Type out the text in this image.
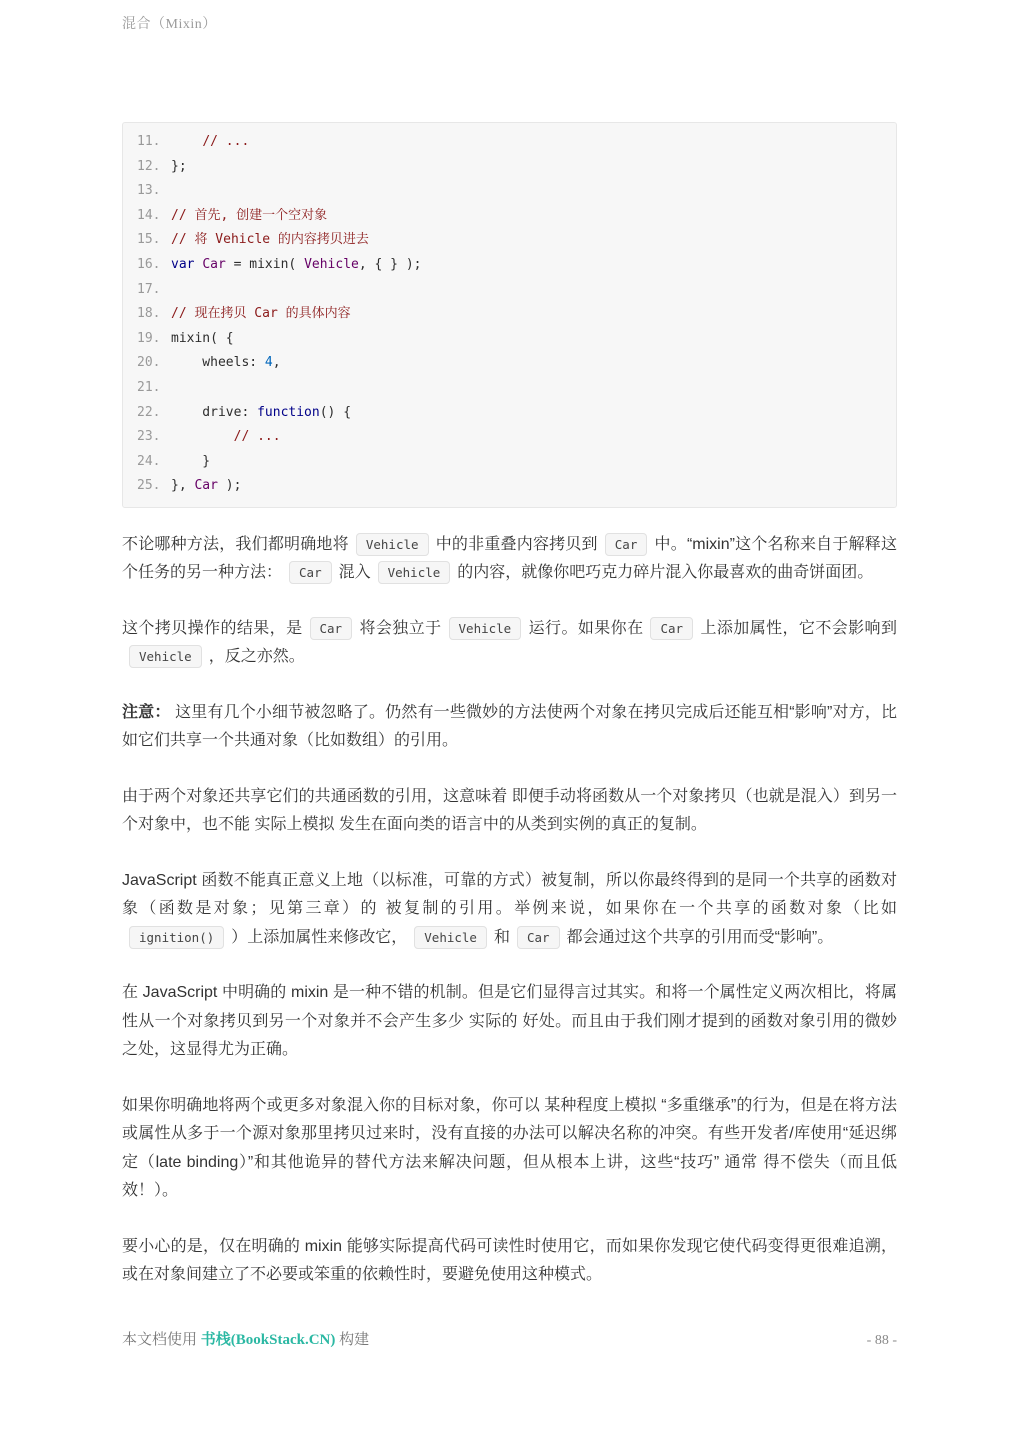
混合（Mixin）
11.	// ...
12. };
13.
14. // 首先, 创建一个空对象
15. // 将 Vehicle 的内容拷贝进去
16. var Car = mixin( Vehicle, { } );
17.
18. // 现在拷贝 Car 的具体内容
19. mixin( {
20.    wheels: 4,
21.
22.    drive: function() {
23.	// ...
24.    }
25. }, Car );

不论哪种方法，我们都明确地将 Vehicle 中的非重叠内容拷贝到 Car 中。“mixin”这个名称来自于解释这个任务的另一种方法： Car 混入 Vehicle 的内容，就像你吧巧克力碎片混入你最喜欢的曲奇饼面团。

这个拷贝操作的结果，是 Car 将会独立于 Vehicle 运行。如果你在 Car 上添加属性，它不会影响到Vehicle ，反之亦然。

注意： 这里有几个小细节被忽略了。仍然有一些微妙的方法使两个对象在拷贝完成后还能互相“影响”对方，比如它们共享一个共通对象（比如数组）的引用。

由于两个对象还共享它们的共通函数的引用，这意味着 即便手动将函数从一个对象拷贝（也就是混入）到另一个对象中，也不能 实际上模拟 发生在面向类的语言中的从类到实例的真正的复制。

JavaScript 函数不能真正意义上地（以标准，可靠的方式）被复制，所以你最终得到的是同一个共享的函数对象（函数是对象；见第三章）的 被复制的引用。举例来说，如果你在一个共享的函数对象（比如ignition() ）上添加属性来修改它， Vehicle 和 Car 都会通过这个共享的引用而受“影响”。

在 JavaScript 中明确的 mixin 是一种不错的机制。但是它们显得言过其实。和将一个属性定义两次相比，将属性从一个对象拷贝到另一个对象并不会产生多少 实际的 好处。而且由于我们刚才提到的函数对象引用的微妙之处，这显得尤为正确。

如果你明确地将两个或更多对象混入你的目标对象，你可以 某种程度上模拟 “多重继承”的行为，但是在将方法或属性从多于一个源对象那里拷贝过来时，没有直接的办法可以解决名称的冲突。有些开发者/库使用“延迟绑定（late binding）”和其他诡异的替代方法来解决问题，但从根本上讲，这些“技巧” 通常 得不偿失（而且低效！）。

要小心的是，仅在明确的 mixin 能够实际提高代码可读性时使用它，而如果你发现它使代码变得更很难追溯，或在对象间建立了不必要或笨重的依赖性时，要避免使用这种模式。

本文档使用 书栈(BookStack.CN) 构建	- 88 -
